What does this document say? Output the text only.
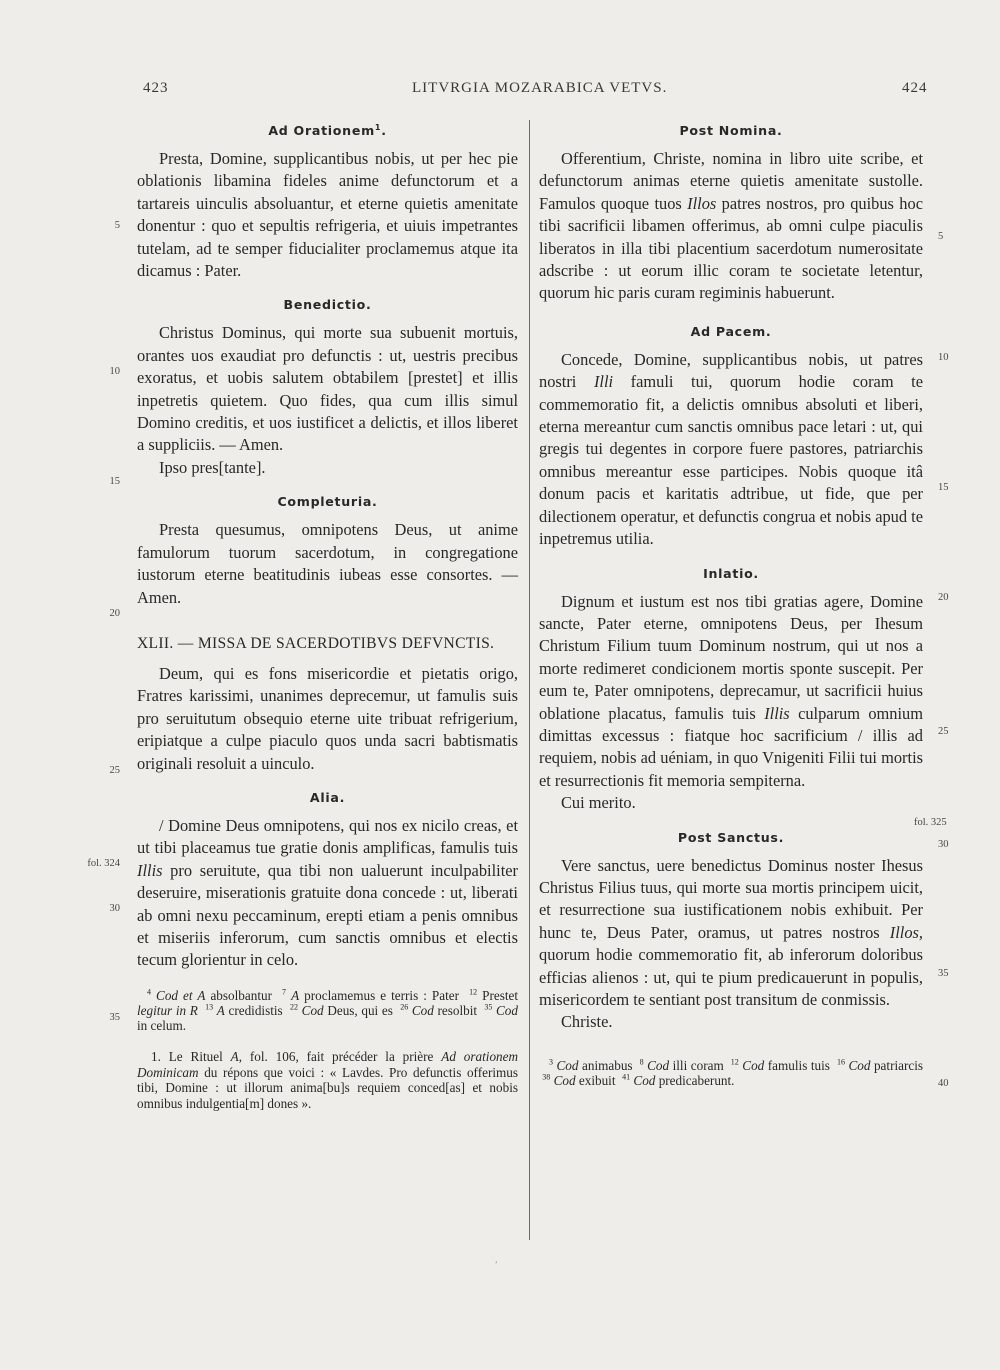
423	LITVRGIA MOZARABICA VETVS.	424
Ad Orationem$^1$.

Presta, Domine, supplicantibus nobis, ut per hec pie oblationis libamina fideles anime defunctorum et a tartareis uinculis absoluantur, et eterne quietis amenitate donentur : quo et sepultis refrigeria, et uiuis impetrantes tutelam, ad te semper fiducialiter proclamemus atque ita dicamus : Pater.

Benedictio.

Christus Dominus, qui morte sua subuenit mortuis, orantes uos exaudiat pro defunctis : ut, uestris precibus exoratus, et uobis salutem obtabilem [prestet] et illis inpetretis quietem. Quo fides, qua cum illis simul Domino creditis, et uos iustificet a delictis, et illos liberet a suppliciis. — Amen.

Ipso pres[tante].

Completuria.

Presta quesumus, omnipotens Deus, ut anime famulorum tuorum sacerdotum, in congregatione iustorum eterne beatitudinis iubeas esse consortes. — Amen.

XLII. — MISSA DE SACERDOTIBVS DEFVNCTIS.

Deum, qui es fons misericordie et pietatis origo, Fratres karissimi, unanimes deprecemur, ut famulis suis pro seruitutum obsequio eterne uite tribuat refrigerium, eripiatque a culpe piaculo quos unda sacri babtismatis originali resoluit a uinculo.

Alia.

/ Domine Deus omnipotens, qui nos ex nicilo creas, et ut tibi placeamus tue gratie donis amplificas, famulis tuis Illis pro seruitute, qua tibi non ualuerunt inculpabiliter deseruire, miserationis gratuite dona concede : ut, liberati ab omni nexu peccaminum, erepti etiam a penis omnibus et miseriis inferorum, cum sanctis omnibus et electis tecum glorientur in celo.

$^4$ Cod et A absolbantur $^7$ A proclamemus e terris : Pater $^{12}$ Prestet legitur in R $^{13}$ A credidistis $^{22}$ Cod Deus, qui es $^{26}$ Cod resolbit $^{35}$ Cod in celum.

1. Le Rituel A, fol. 106, fait précéder la prière Ad orationem Dominicam du répons que voici : « Lavdes. Pro defunctis offerimus tibi, Domine : ut illorum anima[bu]s requiem conced[as] et nobis omnibus indulgentia[m] dones ».

Post Nomina.

Offerentium, Christe, nomina in libro uite scribe, et defunctorum animas eterne quietis amenitate sustolle. Famulos quoque tuos Illos patres nostros, pro quibus hoc tibi sacrificii libamen offerimus, ab omni culpe piaculis liberatos in illa tibi placentium sacerdotum numerositate adscribe : ut eorum illic coram te societate letentur, quorum hic paris curam regiminis habuerunt.

Ad Pacem.

Concede, Domine, supplicantibus nobis, ut patres nostri Illi famuli tui, quorum hodie coram te commemoratio fit, a delictis omnibus absoluti et liberi, eterna mereantur cum sanctis omnibus pace letari : ut, qui gregis tui degentes in corpore fuere pastores, patriarchis omnibus mereantur esse participes. Nobis quoque itâ donum pacis et karitatis adtribue, ut fide, que per dilectionem operatur, et defunctis congrua et nobis apud te inpetremus utilia.

Inlatio.

Dignum et iustum est nos tibi gratias agere, Domine sancte, Pater eterne, omnipotens Deus, per Ihesum Christum Filium tuum Dominum nostrum, qui ut nos a morte redimeret condicionem mortis sponte suscepit. Per eum te, Pater omnipotens, deprecamur, ut sacrificii huius oblatione placatus, famulis tuis Illis culparum omnium dimittas excessus : fiatque hoc sacrificium / illis ad requiem, nobis ad uéniam, in quo Vnigeniti Filii tui mortis et resurrectionis fit memoria sempiterna.

Cui merito.

Post Sanctus.

Vere sanctus, uere benedictus Dominus noster Ihesus Christus Filius tuus, qui morte sua mortis principem uicit, et resurrectione sua iustificationem nobis exhibuit. Per hunc te, Deus Pater, oramus, ut patres nostros Illos, quorum hodie commemoratio fit, ab inferorum doloribus efficias alienos : ut, qui te pium predicauerunt in populis, misericordem te sentiant post transitum de conmissis.

Christe.

$^3$ Cod animabus $^8$ Cod illi coram $^{12}$ Cod famulis tuis $^{16}$ Cod patriarcis  $^{38}$ Cod exibuit $^{41}$ Cod predicaberunt.

5
10
15
20
25
fol. 324
30
35
5
10
15
20
25
fol. 325
30
35
40
ˌ
